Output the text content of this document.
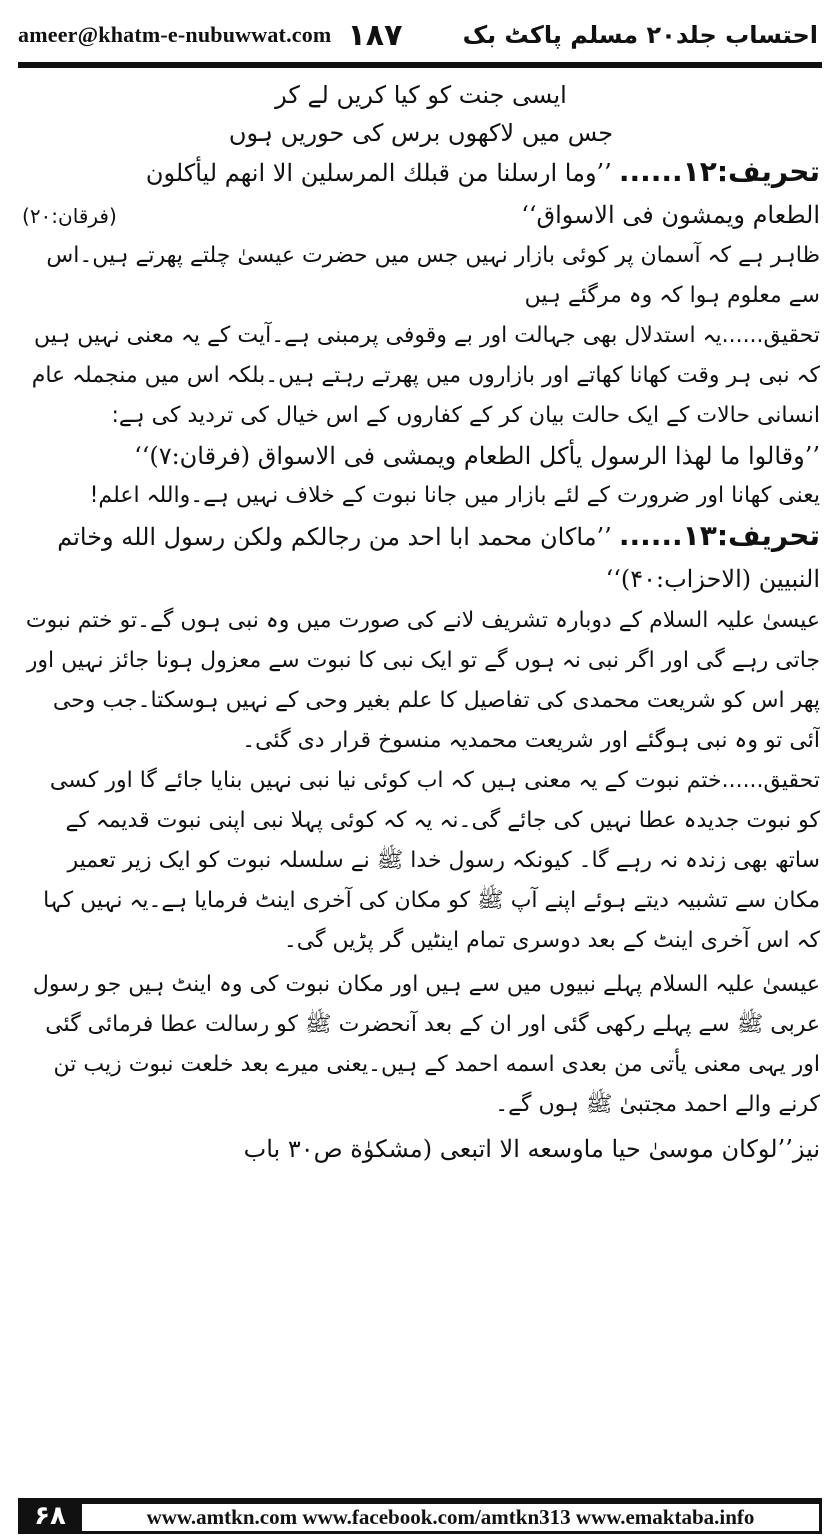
ameer@khatm-e-nubuwwat.com ۱۸۷	احتساب جلد۲۰ مسلم پاکٹ بک

ایسی جنت کو کیا کریں لے کر

جس میں لاکھوں برس کی حوریں ہوں

تحریف:۱۲...... ’’وما ارسلنا من قبلك المرسلين الا انهم ليأكلون

الطعام ويمشون فى الاسواق‘‘
(فرقان:۲۰)

ظاہر ہے کہ آسمان پر کوئی بازار نہیں جس میں حضرت عیسیٰ چلتے پھرتے ہیں۔اس سے معلوم ہوا کہ وہ مرگئے ہیں

تحقیق......یہ استدلال بھی جہالت اور بے وقوفی پرمبنی ہے۔آیت کے یہ معنی نہیں ہیں کہ نبی ہر وقت کھانا کھاتے اور بازاروں میں پھرتے رہتے ہیں۔بلکہ اس میں منجملہ عام انسانی حالات کے ایک حالت بیان کر کے کفاروں کے اس خیال کی تردید کی ہے:

’’وقالوا ما لهذا الرسول يأكل الطعام ويمشى فى الاسواق (فرقان:۷)‘‘

یعنی کھانا اور ضرورت کے لئے بازار میں جانا نبوت کے خلاف نہیں ہے۔واللہ اعلم!

تحریف:۱۳...... ’’ماكان محمد ابا احد من رجالكم ولكن رسول الله وخاتم النبيين (الاحزاب:۴۰)‘‘

عیسیٰ علیہ السلام کے دوبارہ تشریف لانے کی صورت میں وہ نبی ہوں گے۔تو ختم نبوت جاتی رہے گی اور اگر نبی نہ ہوں گے تو ایک نبی کا نبوت سے معزول ہونا جائز نہیں اور پھر اس کو شریعت محمدی کی تفاصیل کا علم بغیر وحی کے نہیں ہوسکتا۔جب وحی آئی تو وہ نبی ہوگئے اور شریعت محمدیہ منسوخ قرار دی گئی۔

تحقیق......ختم نبوت کے یہ معنی ہیں کہ اب کوئی نیا نبی نہیں بنایا جائے گا اور کسی کو نبوت جدیدہ عطا نہیں کی جائے گی۔نہ یہ کہ کوئی پہلا نبی اپنی نبوت قدیمہ کے ساتھ بھی زندہ نہ رہے گا۔ کیونکہ رسول خدا ﷺ نے سلسلہ نبوت کو ایک زیر تعمیر مکان سے تشبیہ دیتے ہوئے اپنے آپ ﷺ کو مکان کی آخری اینٹ فرمایا ہے۔یہ نہیں کہا کہ اس آخری اینٹ کے بعد دوسری تمام اینٹیں گر پڑیں گی۔

عیسیٰ علیہ السلام پہلے نبیوں میں سے ہیں اور مکان نبوت کی وہ اینٹ ہیں جو رسول عربی ﷺ سے پہلے رکھی گئی اور ان کے بعد آنحضرت ﷺ کو رسالت عطا فرمائی گئی اور یہی معنی يأتى من بعدى اسمه احمد کے ہیں۔یعنی میرے بعد خلعت نبوت زیب تن کرنے والے احمد مجتبیٰ ﷺ ہوں گے۔

نیز’’لوكان موسىٰ حيا ماوسعه الا اتبعى (مشكوٰة ص۳۰ باب

۶۸	www.amtkn.com www.facebook.com/amtkn313 www.emaktaba.info
